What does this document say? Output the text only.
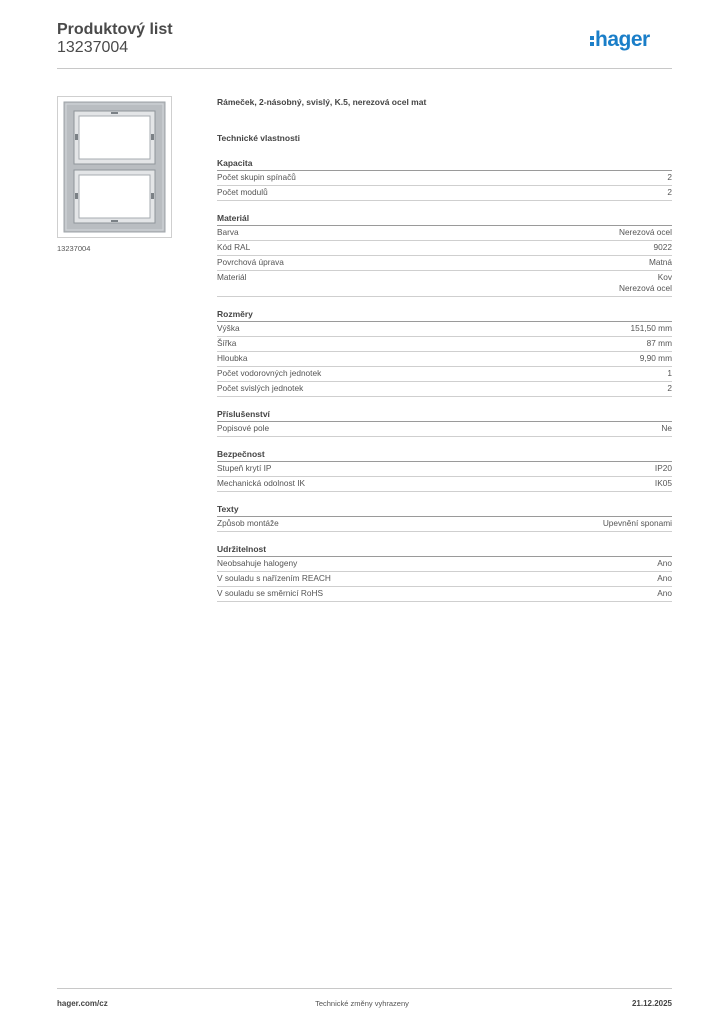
Produktový list
13237004	hager
13237004
Rámeček, 2-násobný, svislý, K.5, nerezová ocel mat
Technické vlastnosti
Kapacita
Počet skupin spínačů	2
Počet modulů	2
Materiál
Barva	Nerezová ocel
Kód RAL	9022
Povrchová úprava	Matná
Materiál	Kov
Nerezová ocel
Rozměry
Výška	151,50 mm
Šířka	87 mm
Hloubka	9,90 mm
Počet vodorovných jednotek	1
Počet svislých jednotek	2
Příslušenství
Popisové pole	Ne
Bezpečnost
Stupeň krytí IP	IP20
Mechanická odolnost IK	IK05
Texty
Způsob montáže	Upevnění sponami
Udržitelnost
Neobsahuje halogeny	Ano
V souladu s nařízením REACH	Ano
V souladu se směrnicí RoHS	Ano
hager.com/cz	Technické změny vyhrazeny	21.12.2025
